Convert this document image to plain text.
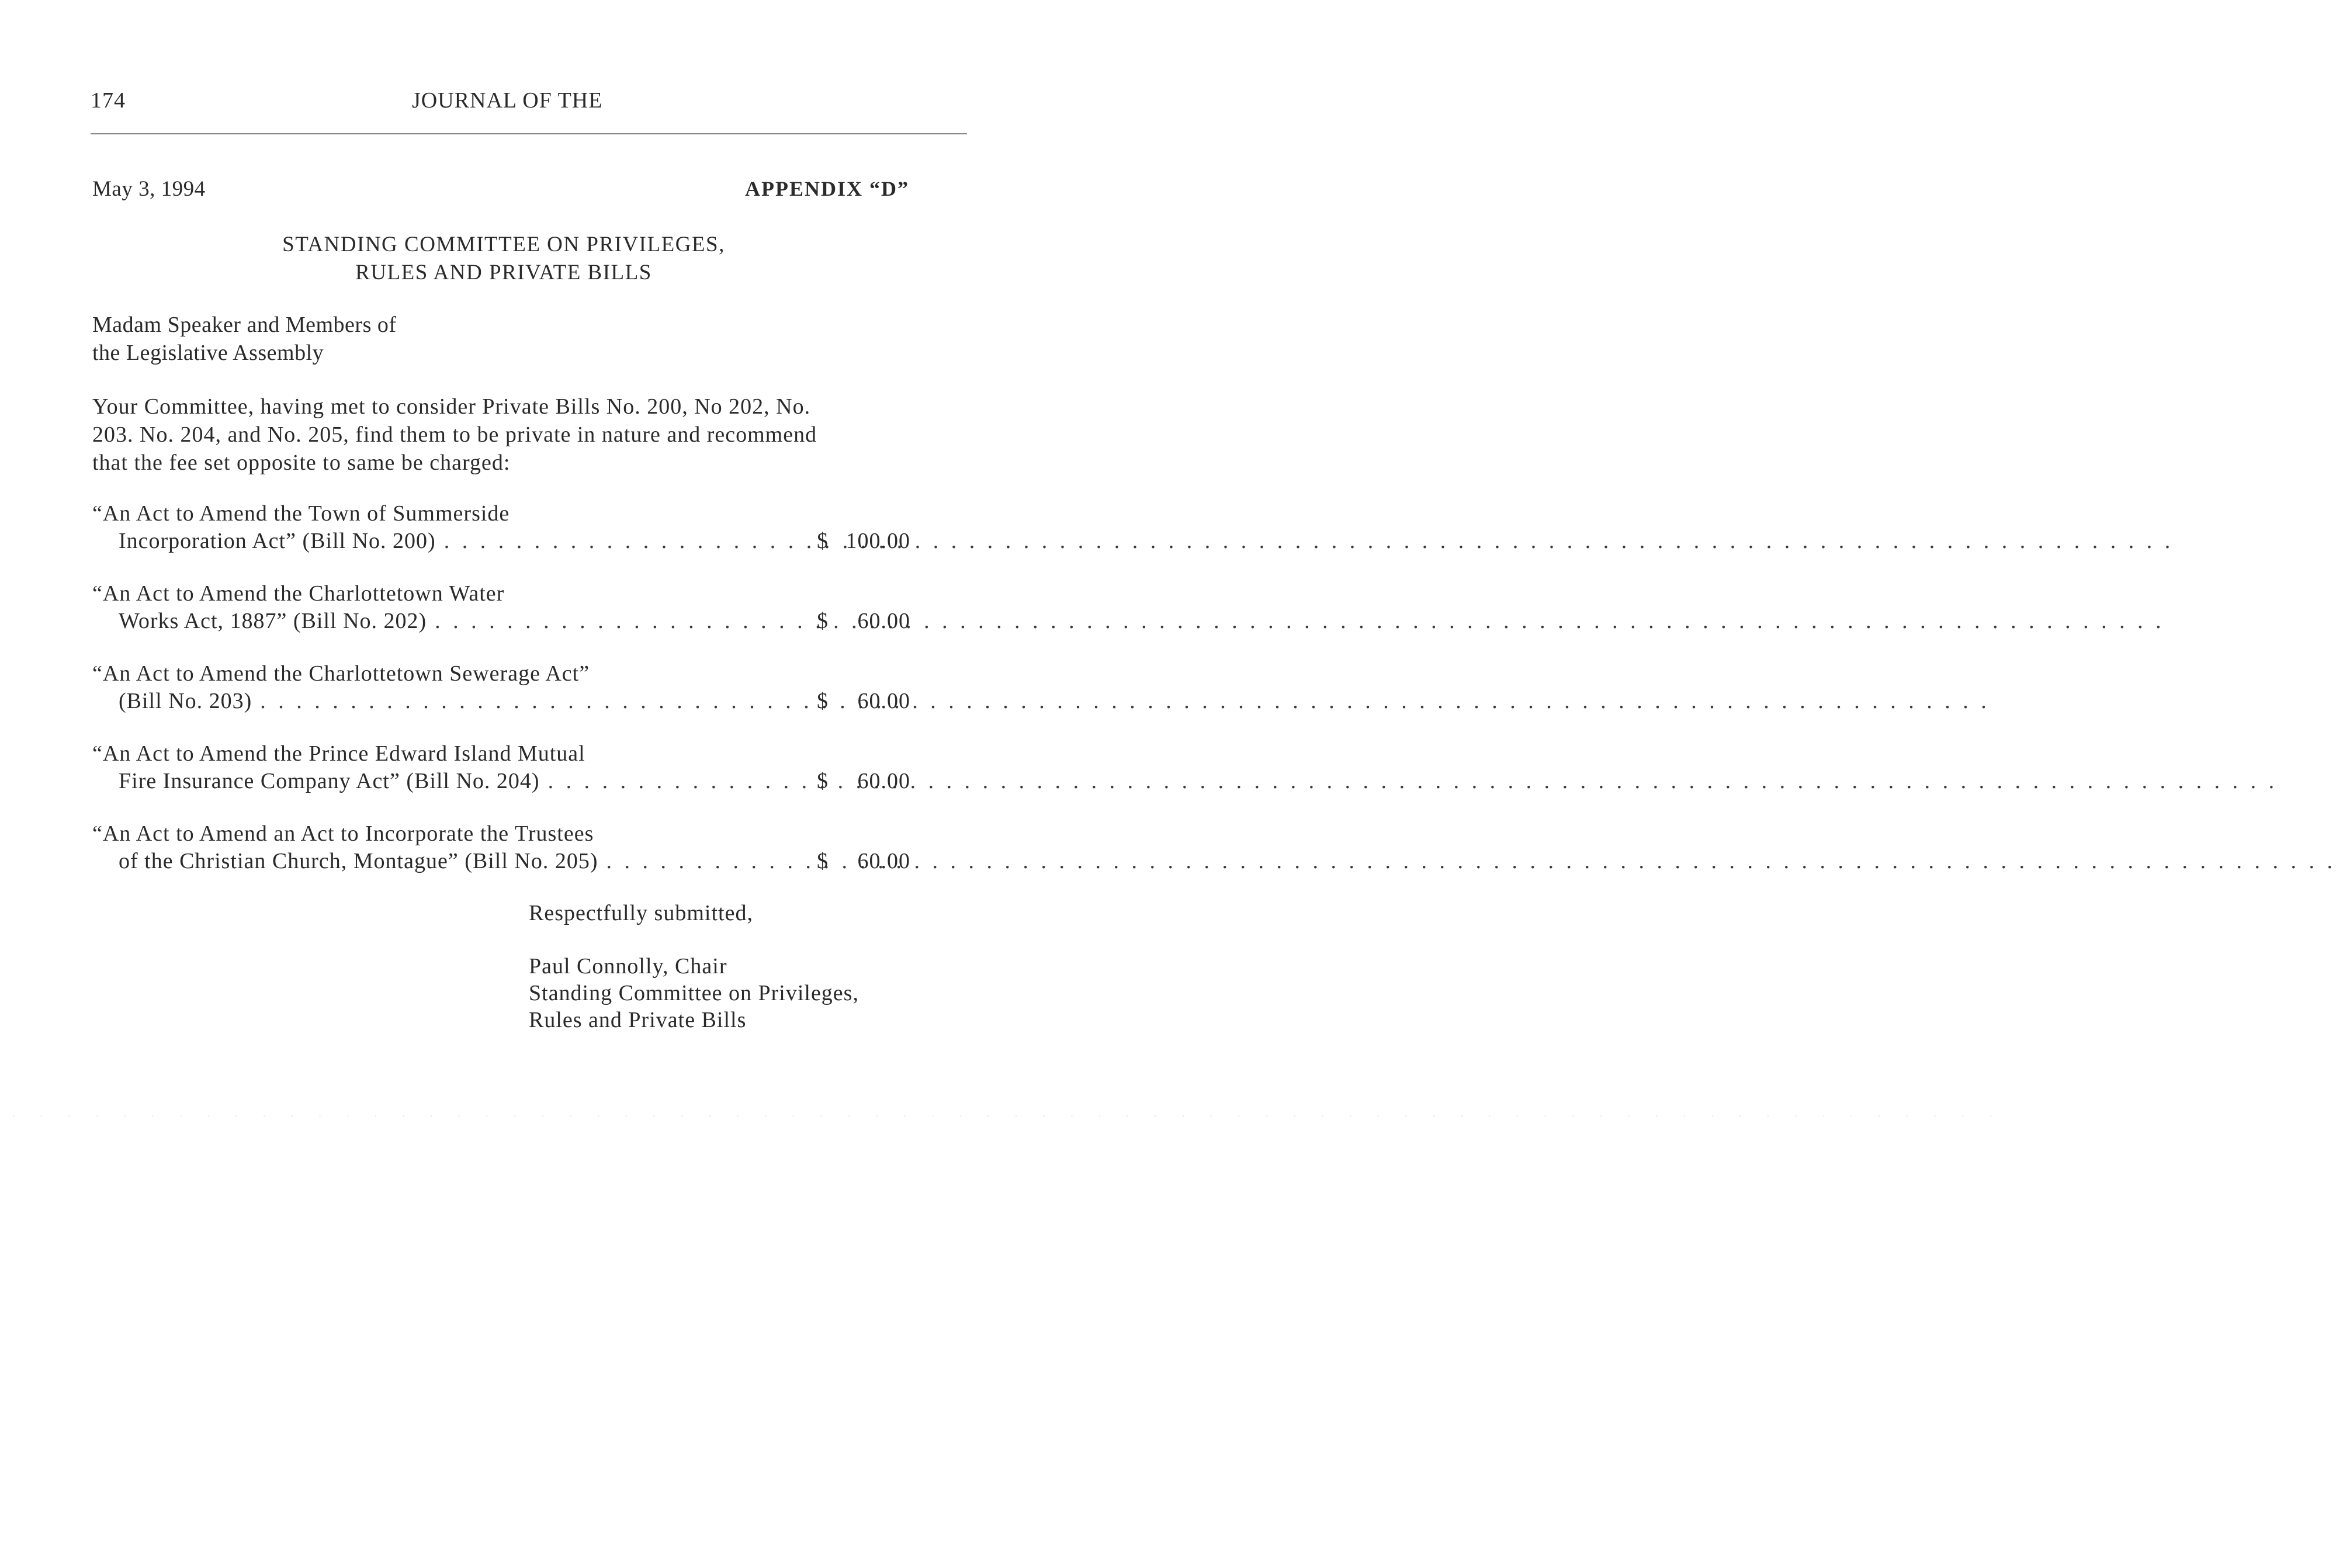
174	JOURNAL OF THE
May 3, 1994	APPENDIX “D”
STANDING COMMITTEE ON PRIVILEGES,
RULES AND PRIVATE BILLS
Madam Speaker and Members of
the Legislative Assembly
Your Committee, having met to consider Private Bills No. 200, No 202, No.
203. No. 204, and No. 205, find them to be private in nature and recommend
that the fee set opposite to same be charged:
“An Act to Amend the Town of Summerside
Incorporation Act” (Bill No. 200) . . .	$ 100.00
“An Act to Amend the Charlottetown Water
Works Act, 1887” (Bill No. 202) . . .	$ 60.00
“An Act to Amend the Charlottetown Sewerage Act”
(Bill No. 203) . . .	$ 60.00
“An Act to Amend the Prince Edward Island Mutual
Fire Insurance Company Act” (Bill No. 204) . . .	$ 60.00
“An Act to Amend an Act to Incorporate the Trustees
of the Christian Church, Montague” (Bill No. 205) . . .	$ 60.00
Respectfully submitted,
Paul Connolly, Chair
Standing Committee on Privileges,
Rules and Private Bills
· · · · · · · · · · · · · · · · · · · · · · · · · · · · · · · · · · · · · · · · · · · · · · · · · · · · · · · · · · · · · · · · · · · · · · · ·
